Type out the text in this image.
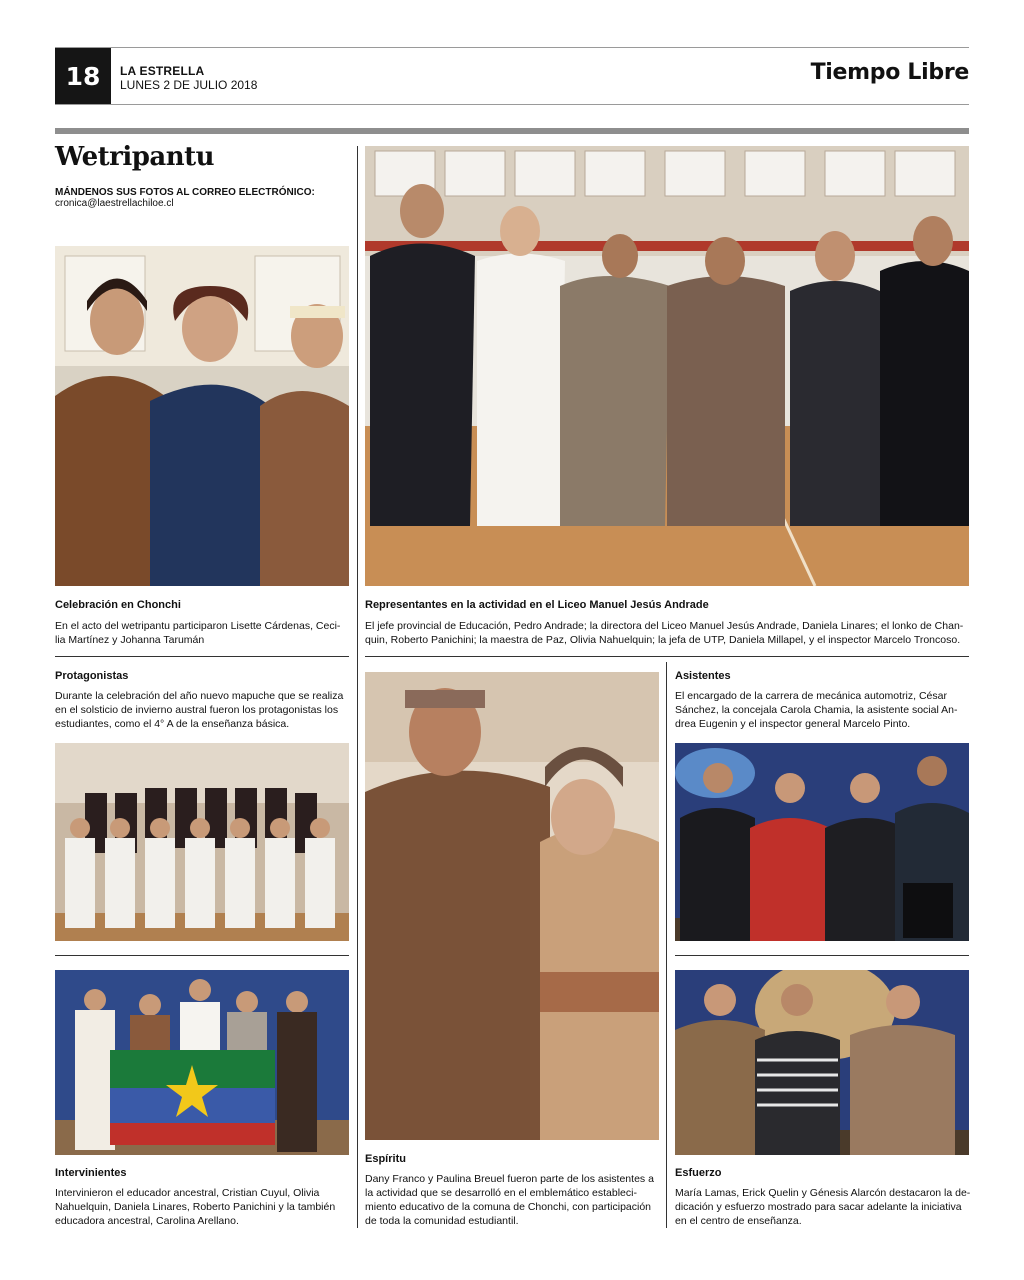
18	LA ESTRELLA
LUNES 2 DE JULIO 2018	Tiempo Libre
Wetripantu
MÁNDENOS SUS FOTOS AL CORREO ELECTRÓNICO:
cronica@laestrellachiloe.cl
Celebración en Chonchi
En el acto del wetripantu participaron Lisette Cárdenas, Ceci-
lia Martínez y Johanna Tarumán
Representantes en la actividad en el Liceo Manuel Jesús Andrade
El jefe provincial de Educación, Pedro Andrade; la directora del Liceo Manuel Jesús Andrade, Daniela Linares; el lonko de Chan-
quin, Roberto Panichini; la maestra de Paz, Olivia Nahuelquin; la jefa de UTP, Daniela Millapel, y el inspector Marcelo Troncoso.
Protagonistas
Durante la celebración del año nuevo mapuche que se realiza
en el solsticio de invierno austral fueron los protagonistas los
estudiantes, como el 4° A de la enseñanza básica.
Asistentes
El encargado de la carrera de mecánica automotriz, César
Sánchez, la concejala Carola Chamia, la asistente social An-
drea Eugenin y el inspector general Marcelo Pinto.
Intervinientes
Intervinieron el educador ancestral, Cristian Cuyul, Olivia
Nahuelquin, Daniela Linares, Roberto Panichini y la también
educadora ancestral, Carolina Arellano.
Espíritu
Dany Franco y Paulina Breuel fueron parte de los asistentes a
la actividad que se desarrolló en el emblemático estableci-
miento educativo de la comuna de Chonchi, con participación
de toda la comunidad estudiantil.
Esfuerzo
María Lamas, Erick Quelin y Génesis Alarcón destacaron la de-
dicación y esfuerzo mostrado para sacar adelante la iniciativa
en el centro de enseñanza.
